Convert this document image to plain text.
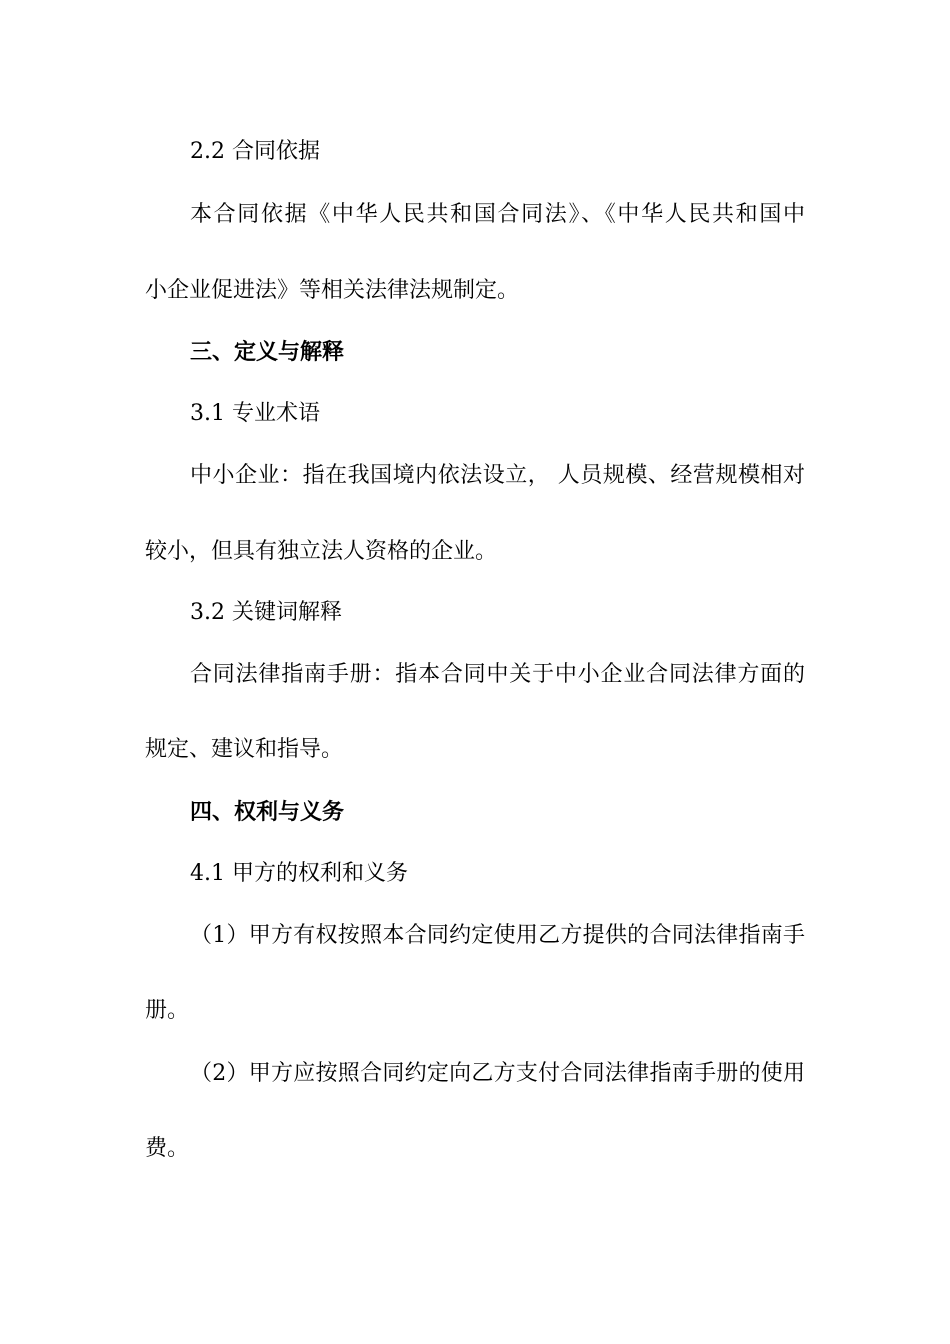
2.2 合同依据
本合同依据《中华人民共和国合同法》、《中华人民共和国中
小企业促进法》等相关法律法规制定。
三、定义与解释
3.1 专业术语
中小企业：指在我国境内依法设立， 人员规模、经营规模相对
较小，但具有独立法人资格的企业。
3.2 关键词解释
合同法律指南手册：指本合同中关于中小企业合同法律方面的
规定、建议和指导。
四、权利与义务
4.1 甲方的权利和义务
（1）甲方有权按照本合同约定使用乙方提供的合同法律指南手
册。
（2）甲方应按照合同约定向乙方支付合同法律指南手册的使用
费。
